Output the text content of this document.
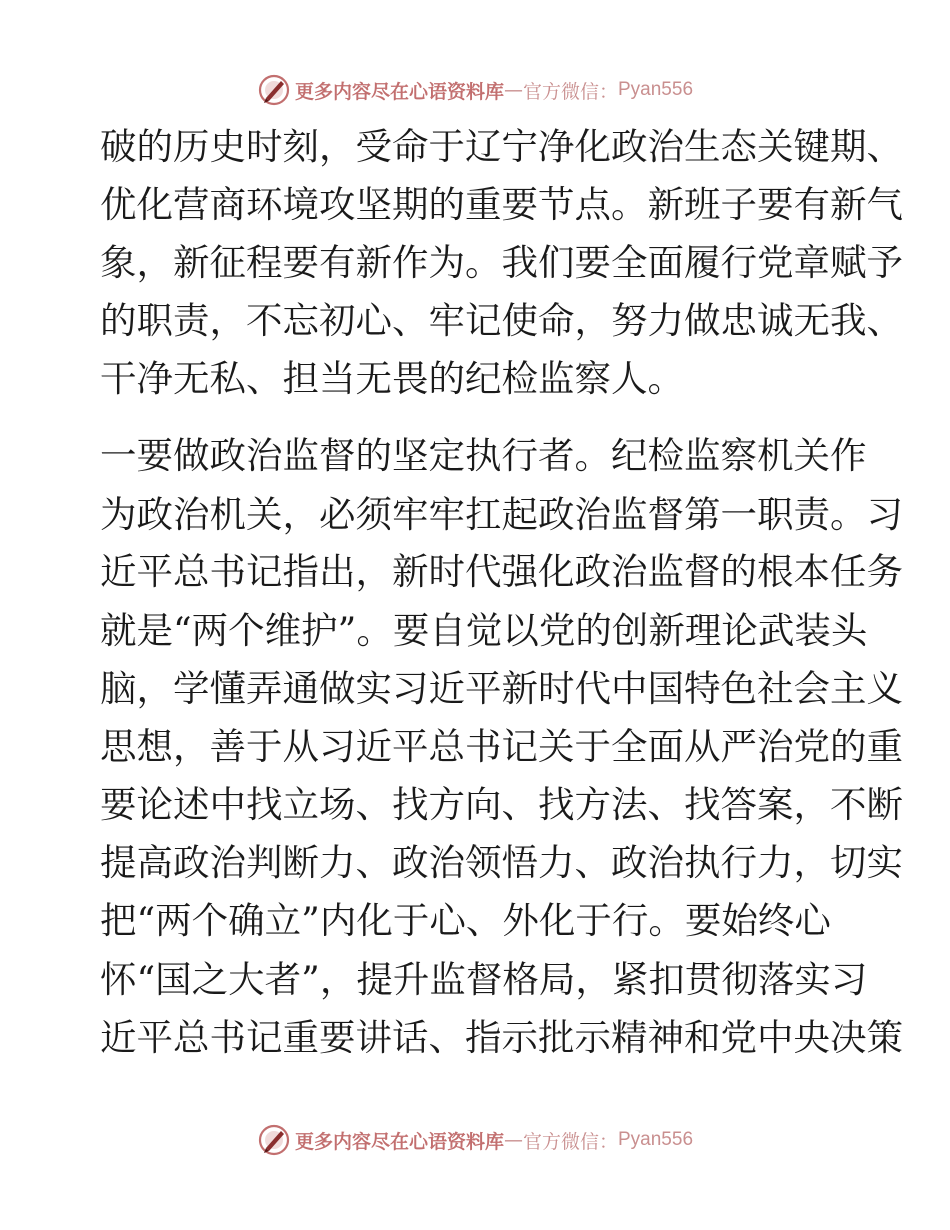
更多内容尽在心语资料库 — 官方微信： Pyan556
破的历史时刻，受命于辽宁净化政治生态关键期、
优化营商环境攻坚期的重要节点。新班子要有新气
象，新征程要有新作为。我们要全面履行党章赋予
的职责，不忘初心、牢记使命，努力做忠诚无我、
干净无私、担当无畏的纪检监察人。
一要做政治监督的坚定执行者。纪检监察机关作
为政治机关，必须牢牢扛起政治监督第一职责。习
近平总书记指出，新时代强化政治监督的根本任务
就是“两个维护”。要自觉以党的创新理论武装头
脑，学懂弄通做实习近平新时代中国特色社会主义
思想，善于从习近平总书记关于全面从严治党的重
要论述中找立场、找方向、找方法、找答案，不断
提高政治判断力、政治领悟力、政治执行力，切实
把“两个确立”内化于心、外化于行。要始终心
怀“国之大者”，提升监督格局，紧扣贯彻落实习
近平总书记重要讲话、指示批示精神和党中央决策
更多内容尽在心语资料库 — 官方微信： Pyan556
